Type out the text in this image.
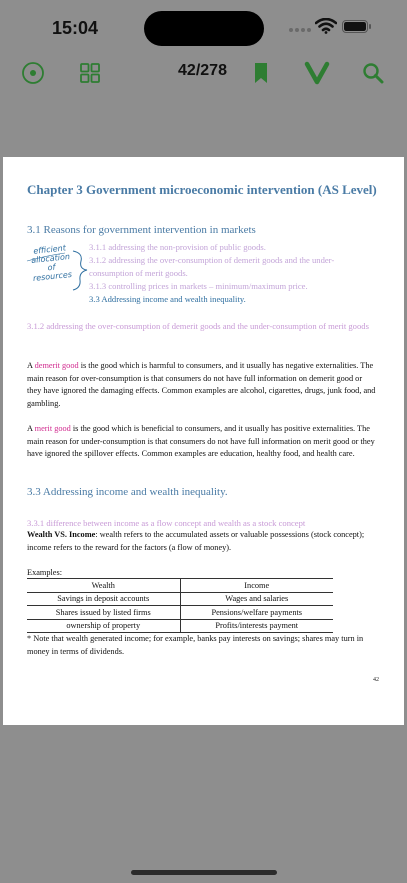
15:04
42/278
Chapter 3 Government microeconomic intervention (AS Level)
3.1 Reasons for government intervention in markets
3.1.1 addressing the non-provision of public goods.
3.1.2 addressing the over-consumption of demerit goods and the under-consumption of merit goods.
3.1.3 controlling prices in markets – minimum/maximum price.
3.3 Addressing income and wealth inequality.
efficient allocation of resources
3.1.2 addressing the over-consumption of demerit goods and the under-consumption of merit goods
A demerit good is the good which is harmful to consumers, and it usually has negative externalities. The main reason for over-consumption is that consumers do not have full information on demerit good or they have ignored the damaging effects. Common examples are alcohol, cigarettes, drugs, junk food, and gambling.
A merit good is the good which is beneficial to consumers, and it usually has positive externalities. The main reason for under-consumption is that consumers do not have full information on merit good or they have ignored the spillover effects. Common examples are education, healthy food, and health care.
3.3 Addressing income and wealth inequality.
3.3.1 difference between income as a flow concept and wealth as a stock concept
Wealth VS. Income: wealth refers to the accumulated assets or valuable possessions (stock concept); income refers to the reward for the factors (a flow of money).
Examples:
Wealth	Income
Savings in deposit accounts	Wages and salaries
Shares issued by listed firms	Pensions/welfare payments
ownership of property	Profits/interests payment
* Note that wealth generated income; for example, banks pay interests on savings; shares may turn in money in terms of dividends.
42
